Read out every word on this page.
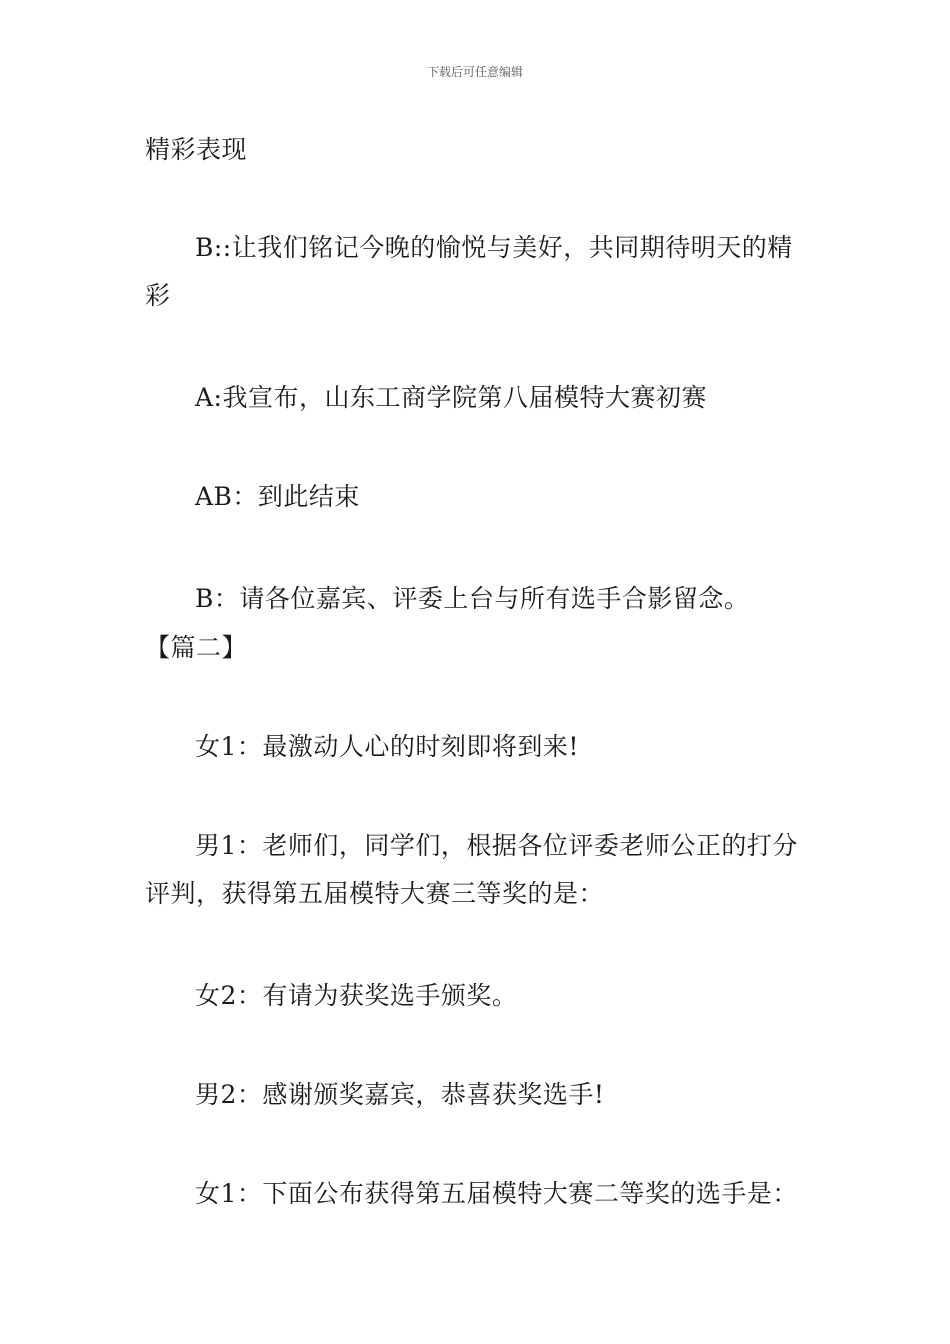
下载后可任意编辑

精彩表现

B::让我们铭记今晚的愉悦与美好，共同期待明天的精彩

A:我宣布，山东工商学院第八届模特大赛初赛

AB：到此结束

B：请各位嘉宾、评委上台与所有选手合影留念。

【篇二】

女1：最激动人心的时刻即将到来!

男1：老师们，同学们，根据各位评委老师公正的打分评判，获得第五届模特大赛三等奖的是：

女2：有请为获奖选手颁奖。

男2：感谢颁奖嘉宾，恭喜获奖选手!

女1：下面公布获得第五届模特大赛二等奖的选手是：
